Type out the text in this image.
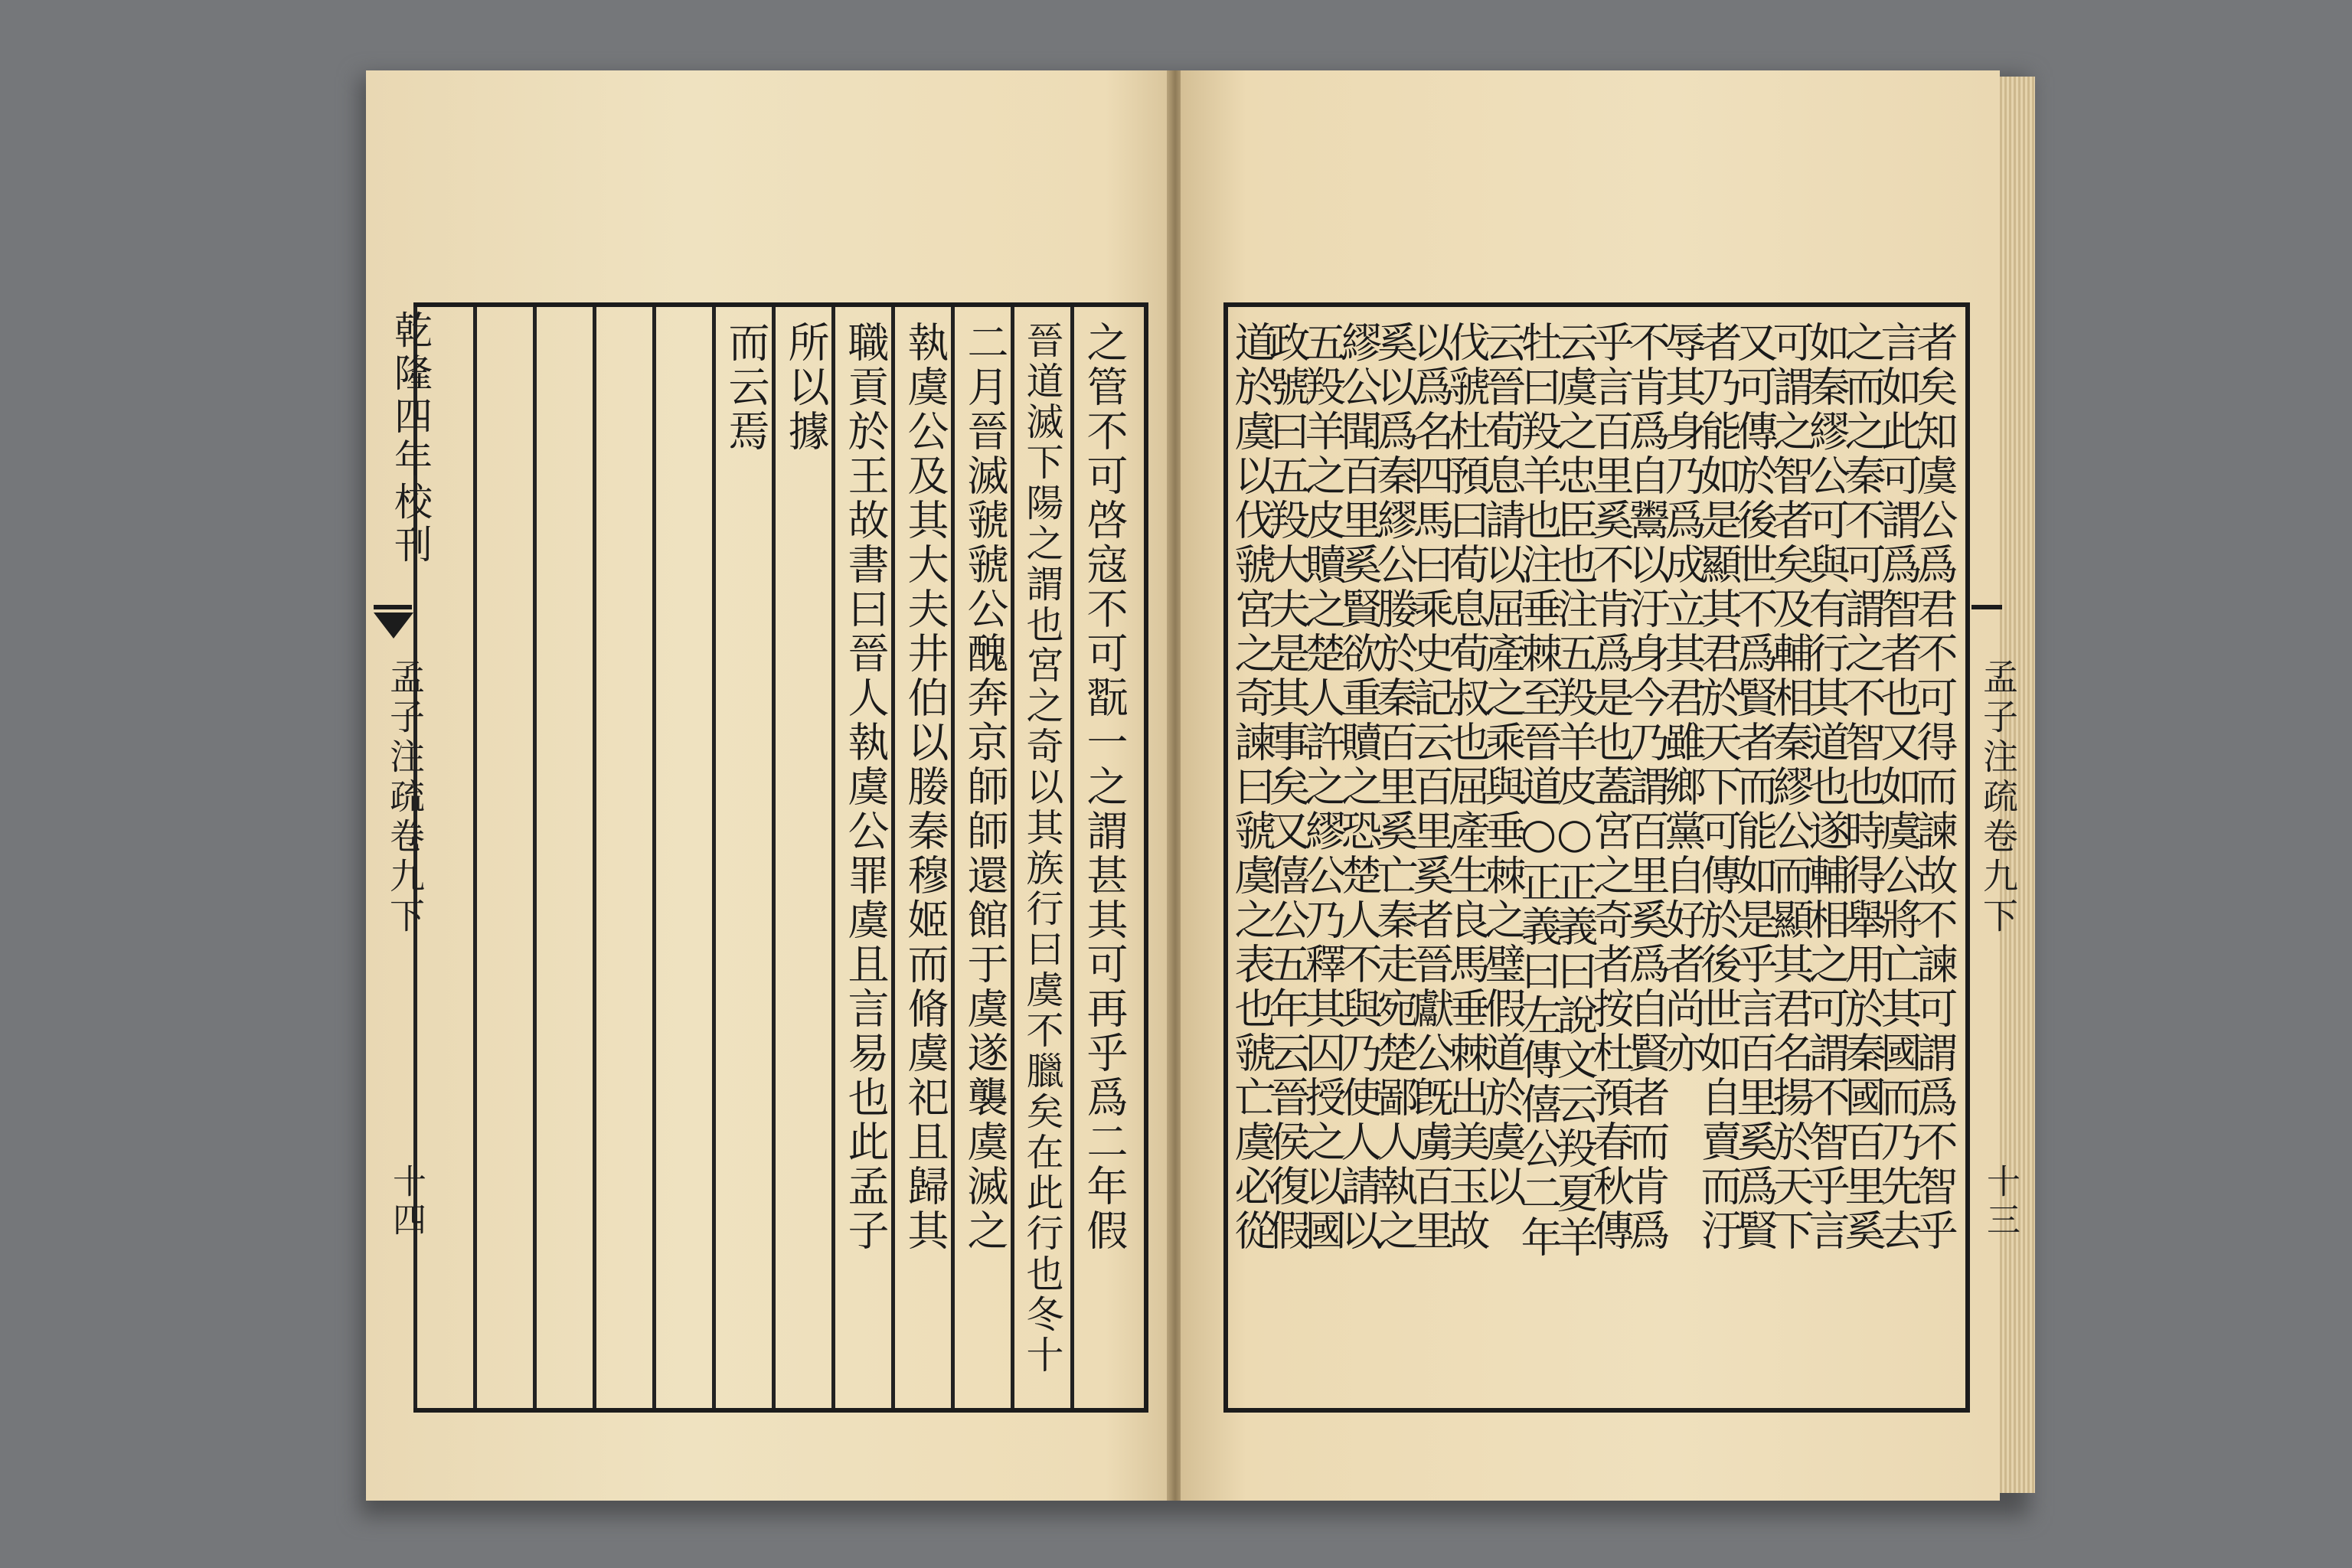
之管不可啓寇不可翫一之謂甚其可再乎爲二年假
晉道滅下陽之謂也宮之奇以其族行曰虞不臘矣在此行也冬十
二月晉滅虢虢公醜奔京師師還館于虞遂襲虞滅之
執虞公及其大夫井伯以媵秦穆姬而脩虞祀且歸其
職貢於王故書曰晉人執虞公罪虞且言易也此孟子
所以據
而云焉
乾隆四年校刊
孟子注疏卷九下
十四	者矣知虞公爲君不可得而諫故不諫可謂爲不智乎
言如此可謂爲智者也又如虞公將亡其國而乃先去
之而之秦不可謂之不智也時得舉用於秦國百里奚
如秦繆公可與有行其道也遂輔相之可謂不智乎言
可謂之智者矣及輔相秦繆公而顯其君名揚於天下
又可傳於後世不爲賢者而能如是乎言百里奚爲賢
者乃能如是顯其君於天下可傳於後世如自賣而汙
辱其身乃爲成立其君雖鄉黨自好者尚亦
不肯爲自鬻以汙身今乃謂百里奚爲自賢者而肯爲
乎言百里奚不肯爲是也蓋宮之奇者按杜預春秋傳
云虞之忠臣也注五羖羊皮○正義曰說文云羖夏羊
牡曰羖羊也注垂棘至晉道○正義曰左傳僖公二年
云晉荀息請以屈產之乘與垂棘之璧假道於虞以
伐虢杜預曰荀息荀叔也屈產生良馬垂棘出美玉故
以爲名四馬曰乘史記云百里奚者晉獻公旣虜百里
奚以爲秦繆公媵於秦百里奚亡秦走宛楚鄙人執之
繆公聞百里奚賢欲重贖之恐楚人不與乃使人請以
五羖羊之皮贖之楚人許之繆公乃釋其囚授之以國
政號曰五羖大夫是其事矣又僖公五年云晉侯復假
道於虞以伐虢宮之奇諫曰虢虞之表也虢亡虞必從	孟子注疏卷九下
十三
